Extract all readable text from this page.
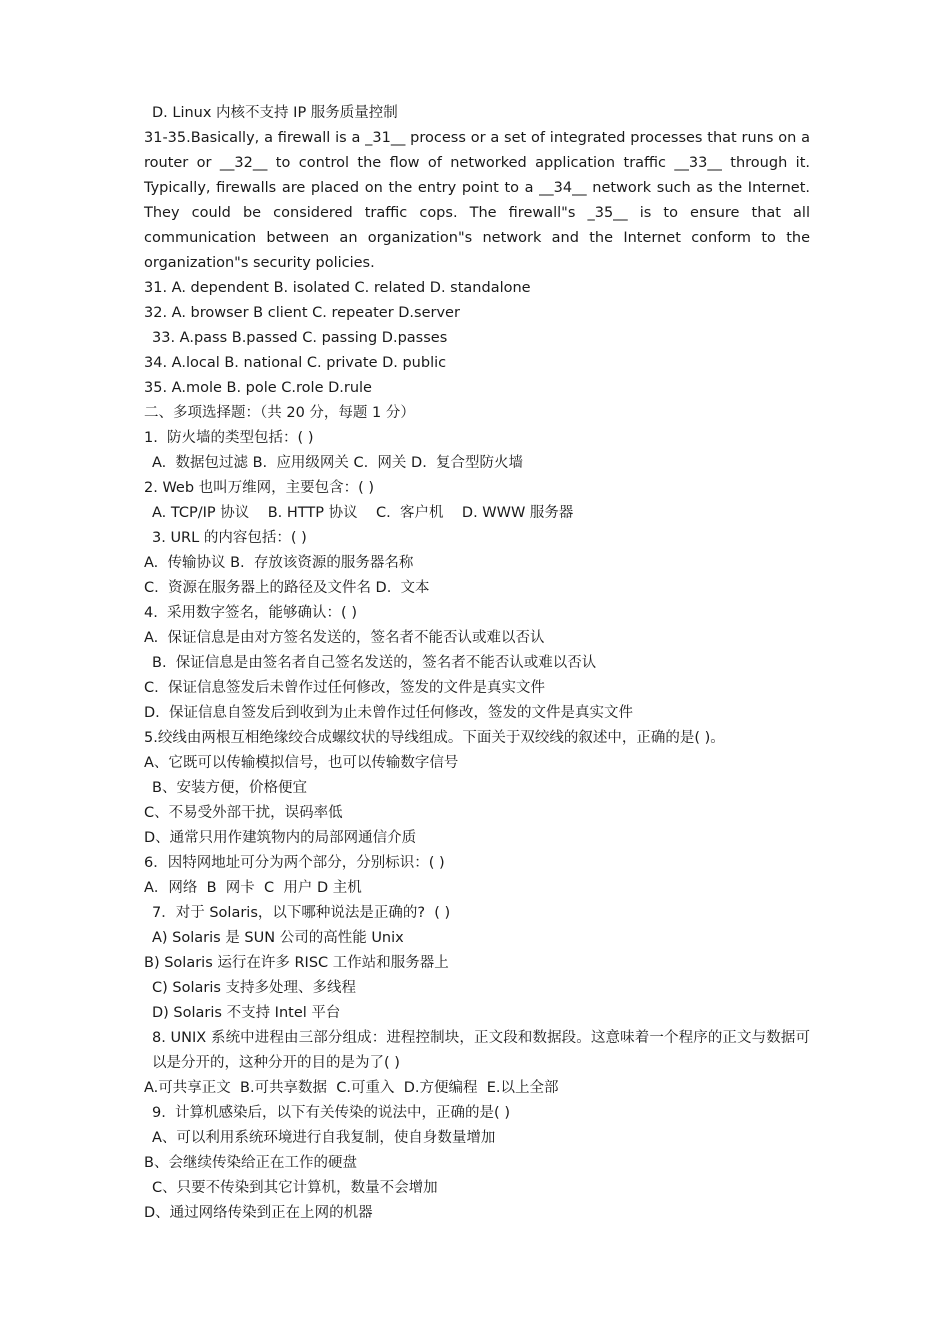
D. Linux 内核不支持 IP 服务质量控制
31-35.Basically, a firewall is a _31__ process or a set of integrated processes that runs on a router or __32__ to control the flow of networked application traffic __33__ through it. Typically, firewalls are placed on the entry point to a __34__ network such as the Internet. They could be considered traffic cops. The firewall"s _35__ is to ensure that all communication between an organization"s network and the Internet conform to the organization"s security policies.
31. A. dependent B. isolated C. related D. standalone
32. A. browser B client C. repeater D.server
33. A.pass B.passed C. passing D.passes
34. A.local B. national C. private D. public
35. A.mole B. pole C.role D.rule
二、多项选择题：（共 20 分，每题 1 分）
1.  防火墙的类型包括：( )
A.  数据包过滤 B.  应用级网关 C.  网关 D.  复合型防火墙
2. Web 也叫万维网，主要包含：( )
A. TCP/IP 协议    B. HTTP 协议    C.  客户机    D. WWW 服务器
3. URL 的内容包括：( )
A.  传输协议 B.  存放该资源的服务器名称
C.  资源在服务器上的路径及文件名 D.  文本
4.  采用数字签名，能够确认：( )
A.  保证信息是由对方签名发送的，签名者不能否认或难以否认
B.  保证信息是由签名者自己签名发送的，签名者不能否认或难以否认
C.  保证信息签发后未曾作过任何修改，签发的文件是真实文件
D.  保证信息自签发后到收到为止未曾作过任何修改，签发的文件是真实文件
5.绞线由两根互相绝缘绞合成螺纹状的导线组成。下面关于双绞线的叙述中，正确的是( )。
A、它既可以传输模拟信号，也可以传输数字信号
B、安装方便，价格便宜
C、不易受外部干扰，误码率低
D、通常只用作建筑物内的局部网通信介质
6．因特网地址可分为两个部分，分别标识：( )
A．网络  B  网卡  C  用户 D 主机
7．对于 Solaris，以下哪种说法是正确的?  ( )
A) Solaris 是 SUN 公司的高性能 Unix
B) Solaris 运行在许多 RISC 工作站和服务器上
C) Solaris 支持多处理、多线程
D) Solaris 不支持 Intel 平台
8. UNIX 系统中进程由三部分组成：进程控制块，正文段和数据段。这意味着一个程序的正文与数据可以是分开的，这种分开的目的是为了( )
A.可共享正文  B.可共享数据  C.可重入  D.方便编程  E.以上全部
9.  计算机感染后，以下有关传染的说法中，正确的是( )
A、可以利用系统环境进行自我复制，使自身数量增加
B、会继续传染给正在工作的硬盘
C、只要不传染到其它计算机，数量不会增加
D、通过网络传染到正在上网的机器
